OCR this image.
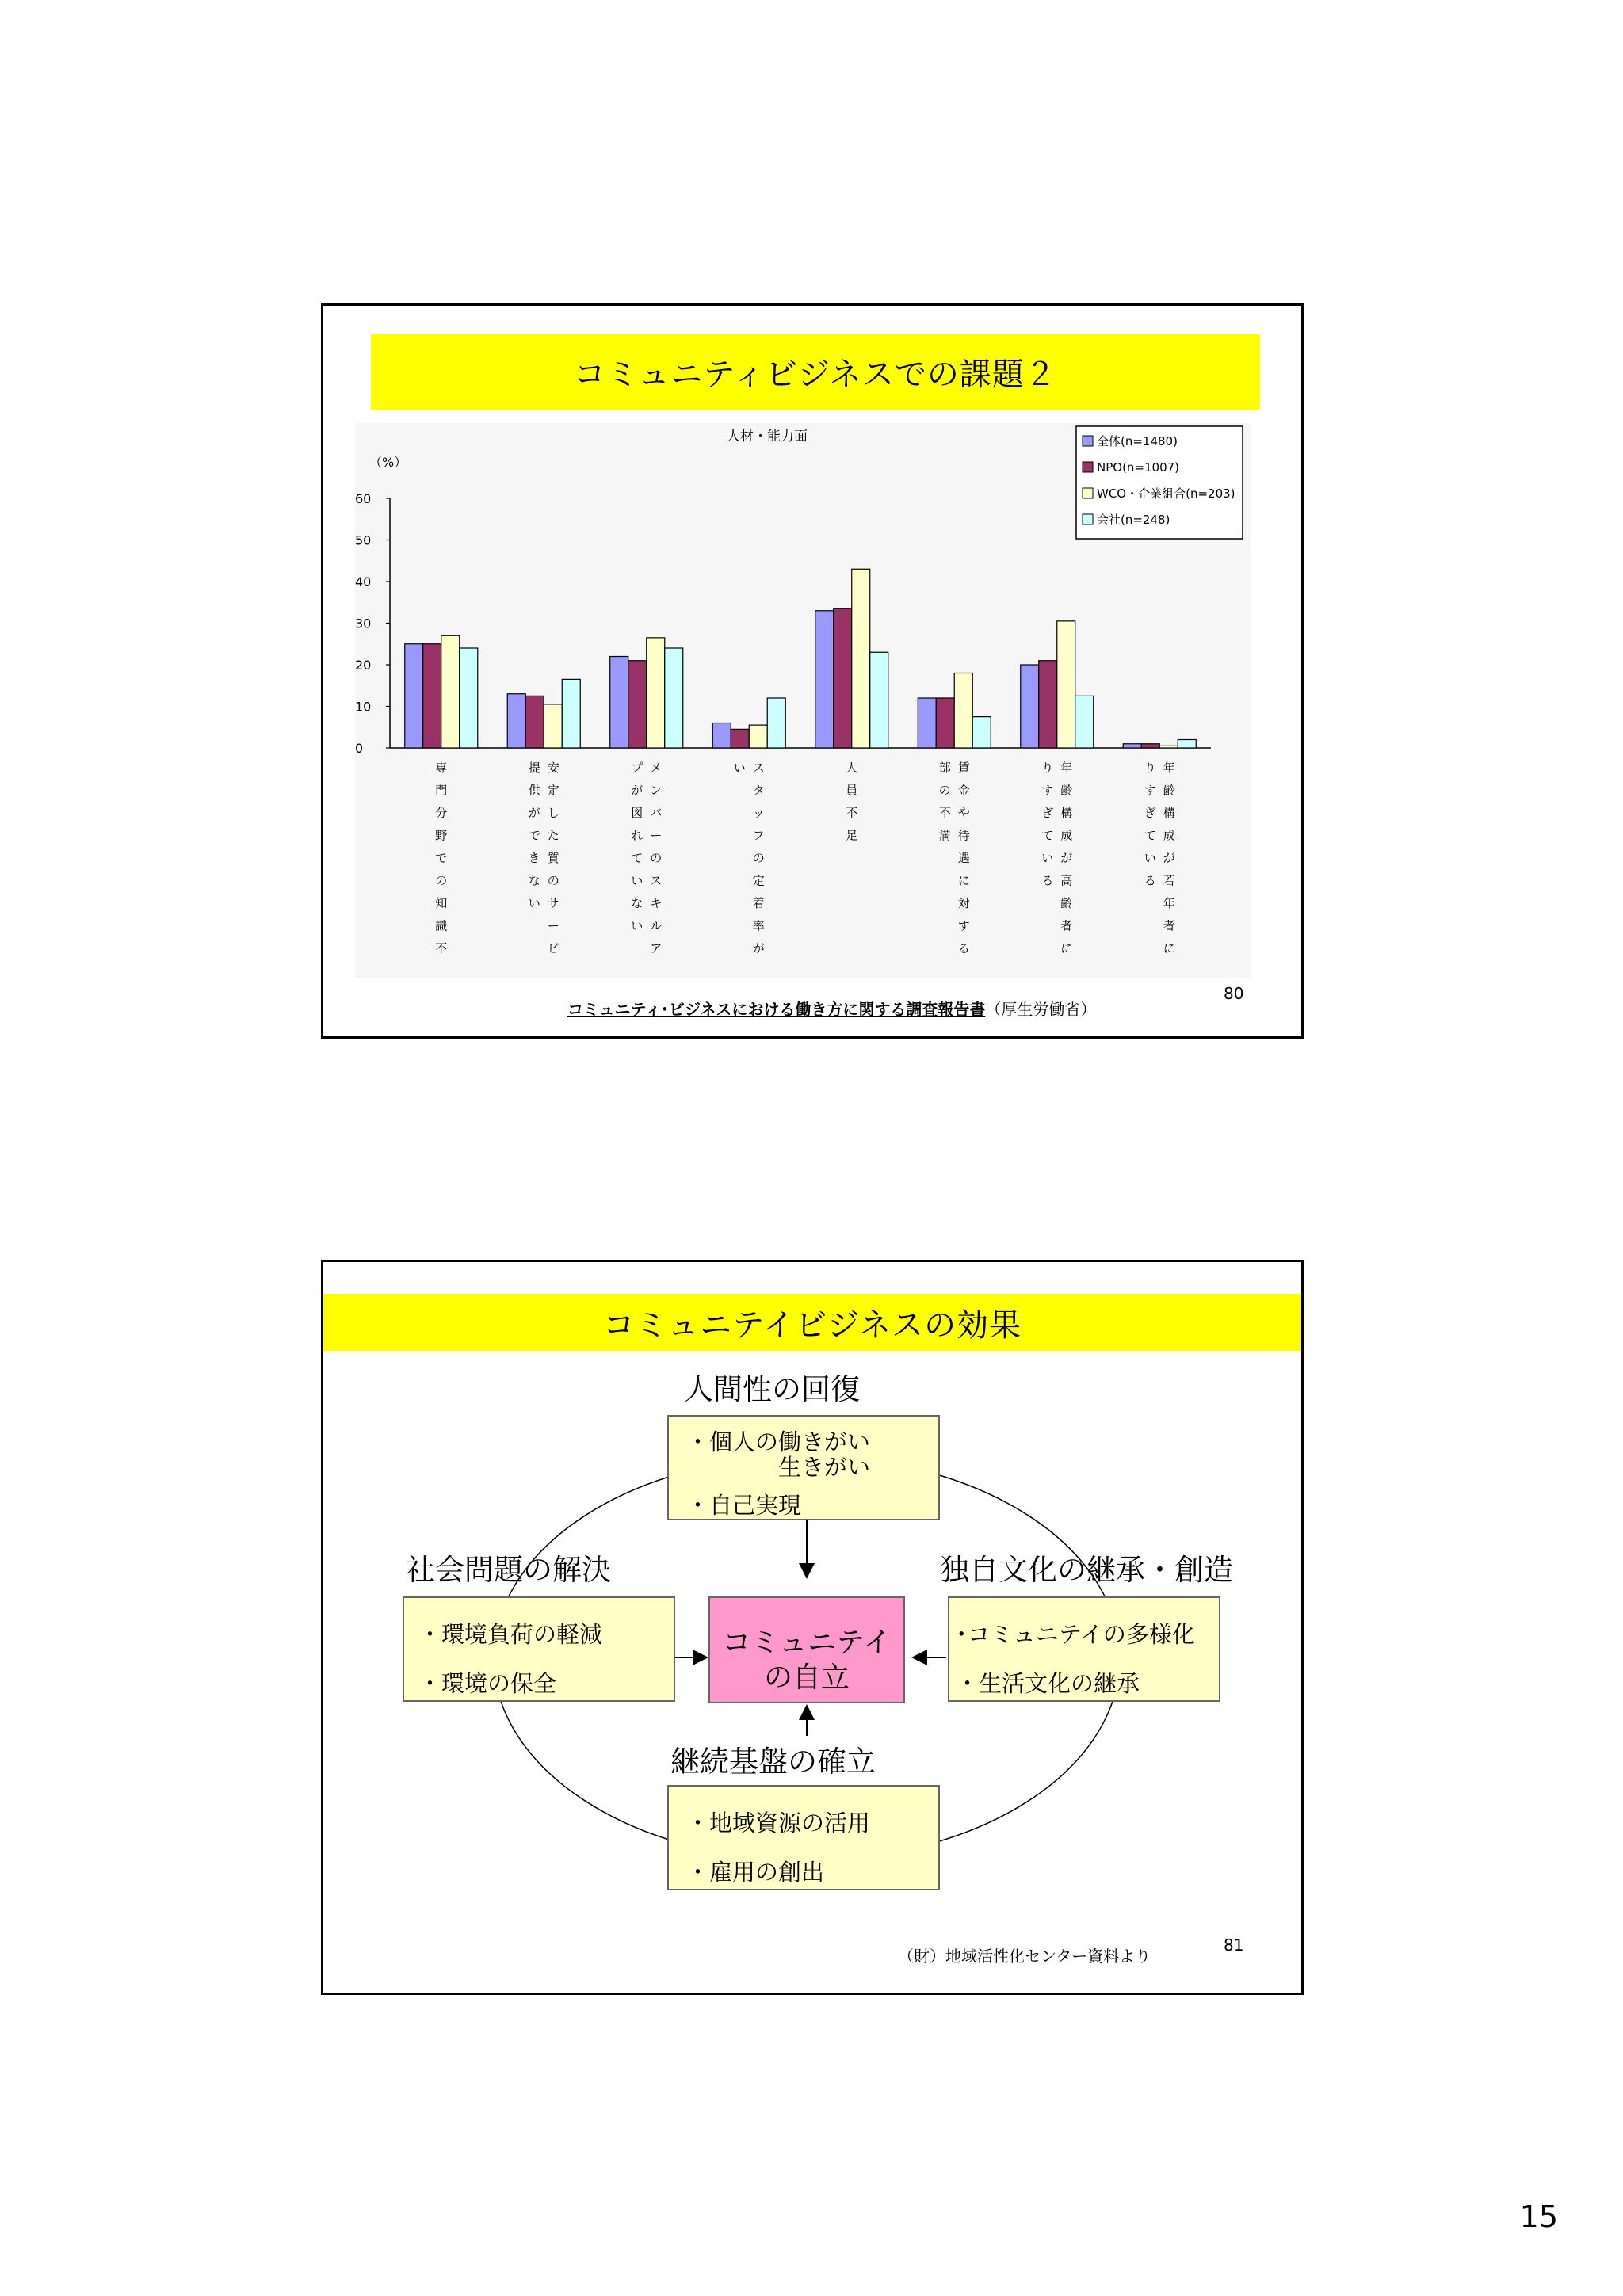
コミュニティビジネスでの課題２
人材・能力面
（%）
0
10
20
30
40
50
60
専
門
分
野
で
の
知
識
不
安
定
し
た
質
の
サ
ー
ビ
提
供
が
で
き
な
い
メ
ン
バ
ー
の
ス
キ
ル
ア
プ
が
図
れ
て
い
な
い
ス
タ
ッ
フ
の
定
着
率
が
い	人
員
不
足
賃
金
や
待
遇
に
対
す
る
部
の
不
満
年
齢
構
成
が
高
齢
者
に
り
す
ぎ
て
い
る
年
齢
構
成
が
若
年
者
に
り
す
ぎ
て
い
る
全体(n=1480)
NPO(n=1007)
WCO・企業組合(n=203)
会社(n=248)
80
コミュニティ･ビジネスにおける働き方に関する調査報告書（厚生労働省）
コミュニテイビジネスの効果
人間性の回復
・個人の働きがい
生きがい
・自己実現
社会問題の解決
・環境負荷の軽減
・環境の保全
コミュニテイ
の自立
独自文化の継承・創造
･コミュニテイの多様化
・生活文化の継承
継続基盤の確立
・地域資源の活用
・雇用の創出
（財）地域活性化センター資料より
81
15
